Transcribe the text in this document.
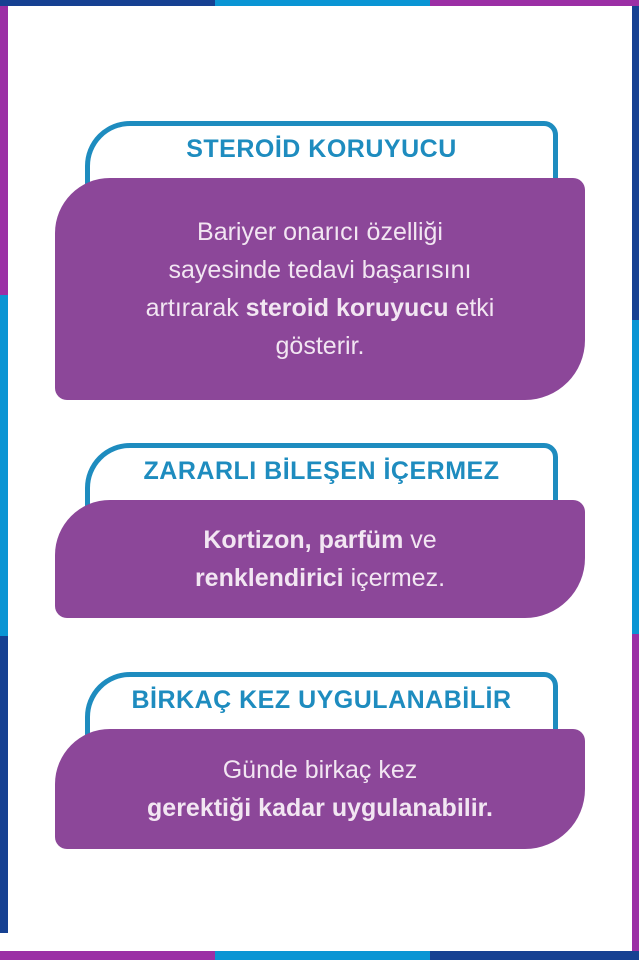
STEROİD KORUYUCU
Bariyer onarıcı özelliği
sayesinde tedavi başarısını
artırarak steroid koruyucu etki
gösterir.
ZARARLI BİLEŞEN İÇERMEZ
Kortizon, parfüm ve
renklendirici içermez.
BİRKAÇ KEZ UYGULANABİLİR
Günde birkaç kez
gerektiği kadar uygulanabilir.
